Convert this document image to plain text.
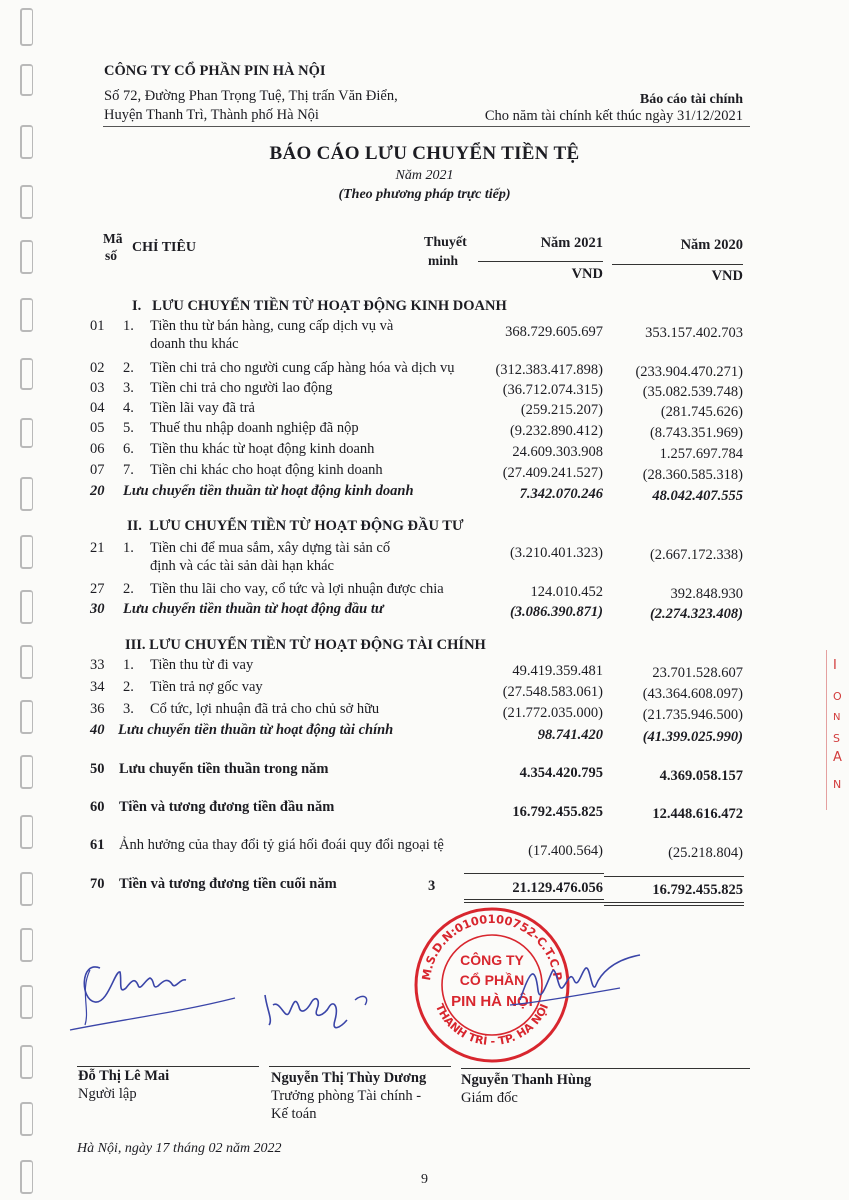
I
O
N
S
A
N
CÔNG TY CỔ PHẦN PIN HÀ NỘI
Số 72, Đường Phan Trọng Tuệ, Thị trấn Văn Điển,
Huyện Thanh Trì, Thành phố Hà Nội
Báo cáo tài chính
Cho năm tài chính kết thúc ngày 31/12/2021
BÁO CÁO LƯU CHUYỂN TIỀN TỆ
Năm 2021
(Theo phương pháp trực tiếp)
Mã
số
CHỈ TIÊU	Thuyết
minh
Năm 2021	Năm 2020
VND	VND
I.   LƯU CHUYỂN TIỀN TỪ HOẠT ĐỘNG KINH DOANH
01	1. Tiền thu từ bán hàng, cung cấp dịch vụ và
doanh thu khác
368.729.605.697	353.157.402.703
02	2. Tiền chi trả cho người cung cấp hàng hóa và dịch vụ	(312.383.417.898) (233.904.470.271)
03	3. Tiền chi trả cho người lao động	(36.712.074.315)	(35.082.539.748)
04	4. Tiền lãi vay đã trả	(259.215.207)	(281.745.626)
05	5. Thuế thu nhập doanh nghiệp đã nộp	(9.232.890.412)	(8.743.351.969)
06	6. Tiền thu khác từ hoạt động kinh doanh	24.609.303.908	1.257.697.784
07	7. Tiền chi khác cho hoạt động kinh doanh	(27.409.241.527)	(28.360.585.318)
20	Lưu chuyển tiền thuần từ hoạt động kinh doanh	7.342.070.246	48.042.407.555
II.  LƯU CHUYỂN TIỀN TỪ HOẠT ĐỘNG ĐẦU TƯ
21	1. Tiền chi để mua sắm, xây dựng tài sản cố
định và các tài sản dài hạn khác
(3.210.401.323)	(2.667.172.338)
27	2. Tiền thu lãi cho vay, cổ tức và lợi nhuận được chia	124.010.452	392.848.930
30	Lưu chuyển tiền thuần từ hoạt động đầu tư	(3.086.390.871)	(2.274.323.408)
III. LƯU CHUYỂN TIỀN TỪ HOẠT ĐỘNG TÀI CHÍNH
33	1. Tiền thu từ đi vay	49.419.359.481	23.701.528.607
34	2. Tiền trả nợ gốc vay	(27.548.583.061)	(43.364.608.097)
36	3. Cổ tức, lợi nhuận đã trả cho chủ sở hữu	(21.772.035.000)	(21.735.946.500)
40 Lưu chuyển tiền thuần từ hoạt động tài chính	98.741.420	(41.399.025.990)
50	Lưu chuyển tiền thuần trong năm	4.354.420.795	4.369.058.157
60	Tiền và tương đương tiền đầu năm	16.792.455.825	12.448.616.472
61	Ảnh hưởng của thay đổi tỷ giá hối đoái quy đổi ngoại tệ	(17.400.564)	(25.218.804)
70	Tiền và tương đương tiền cuối năm	3	21.129.476.056	16.792.455.825
M.S.D.N:0100100752-C.T.C.P
THANH TRÌ - TP. HÀ NỘI
CÔNG TY
CỔ PHẦN
PIN HÀ NỘI
Đỗ Thị Lê Mai
Người lập
Nguyễn Thị Thùy Dương
Trưởng phòng Tài chính -
Kế toán
Nguyễn Thanh Hùng
Giám đốc
Hà Nội, ngày 17 tháng 02 năm 2022
9
